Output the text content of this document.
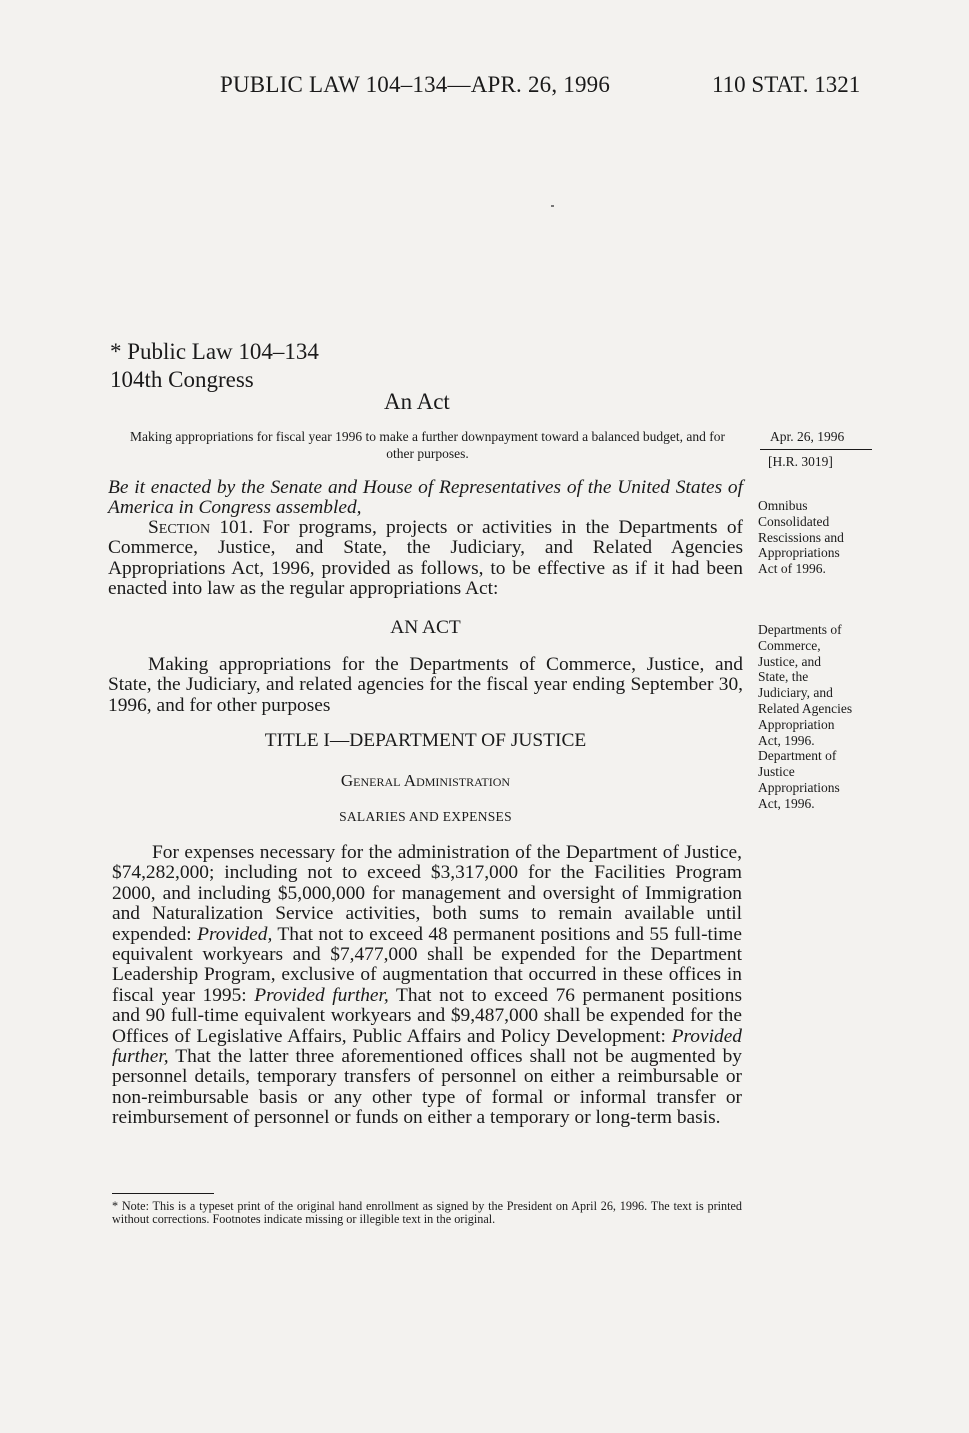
PUBLIC LAW 104–134—APR. 26, 1996	110 STAT. 1321
* Public Law 104–134
104th Congress
An Act
Making appropriations for fiscal year 1996 to make a further downpayment toward a balanced budget, and for other purposes.
Apr. 26, 1996
[H.R. 3019]
Be it enacted by the Senate and House of Representatives of the United States of America in Congress assembled,
Section 101. For programs, projects or activities in the Departments of Commerce, Justice, and State, the Judiciary, and Related Agencies Appropriations Act, 1996, provided as follows, to be effective as if it had been enacted into law as the regular appropriations Act:
Omnibus
Consolidated
Rescissions and
Appropriations
Act of 1996.
AN ACT
Making appropriations for the Departments of Commerce, Justice, and State, the Judiciary, and related agencies for the fiscal year ending September 30, 1996, and for other purposes
Departments of
Commerce,
Justice, and
State, the
Judiciary, and
Related Agencies
Appropriation
Act, 1996.
Department of
Justice
Appropriations
Act, 1996.
TITLE I—DEPARTMENT OF JUSTICE
General Administration
SALARIES AND EXPENSES
For expenses necessary for the administration of the Department of Justice, $74,282,000; including not to exceed $3,317,000 for the Facilities Program 2000, and including $5,000,000 for management and oversight of Immigration and Naturalization Service activities, both sums to remain available until expended: Provided, That not to exceed 48 permanent positions and 55 full-time equivalent workyears and $7,477,000 shall be expended for the Department Leadership Program, exclusive of augmentation that occurred in these offices in fiscal year 1995: Provided further, That not to exceed 76 permanent positions and 90 full-time equivalent workyears and $9,487,000 shall be expended for the Offices of Legislative Affairs, Public Affairs and Policy Development: Provided further, That the latter three aforementioned offices shall not be augmented by personnel details, temporary transfers of personnel on either a reimbursable or non-reimbursable basis or any other type of formal or informal transfer or reimbursement of personnel or funds on either a temporary or long-term basis.
* Note: This is a typeset print of the original hand enrollment as signed by the President on April 26, 1996. The text is printed without corrections. Footnotes indicate missing or illegible text in the original.
